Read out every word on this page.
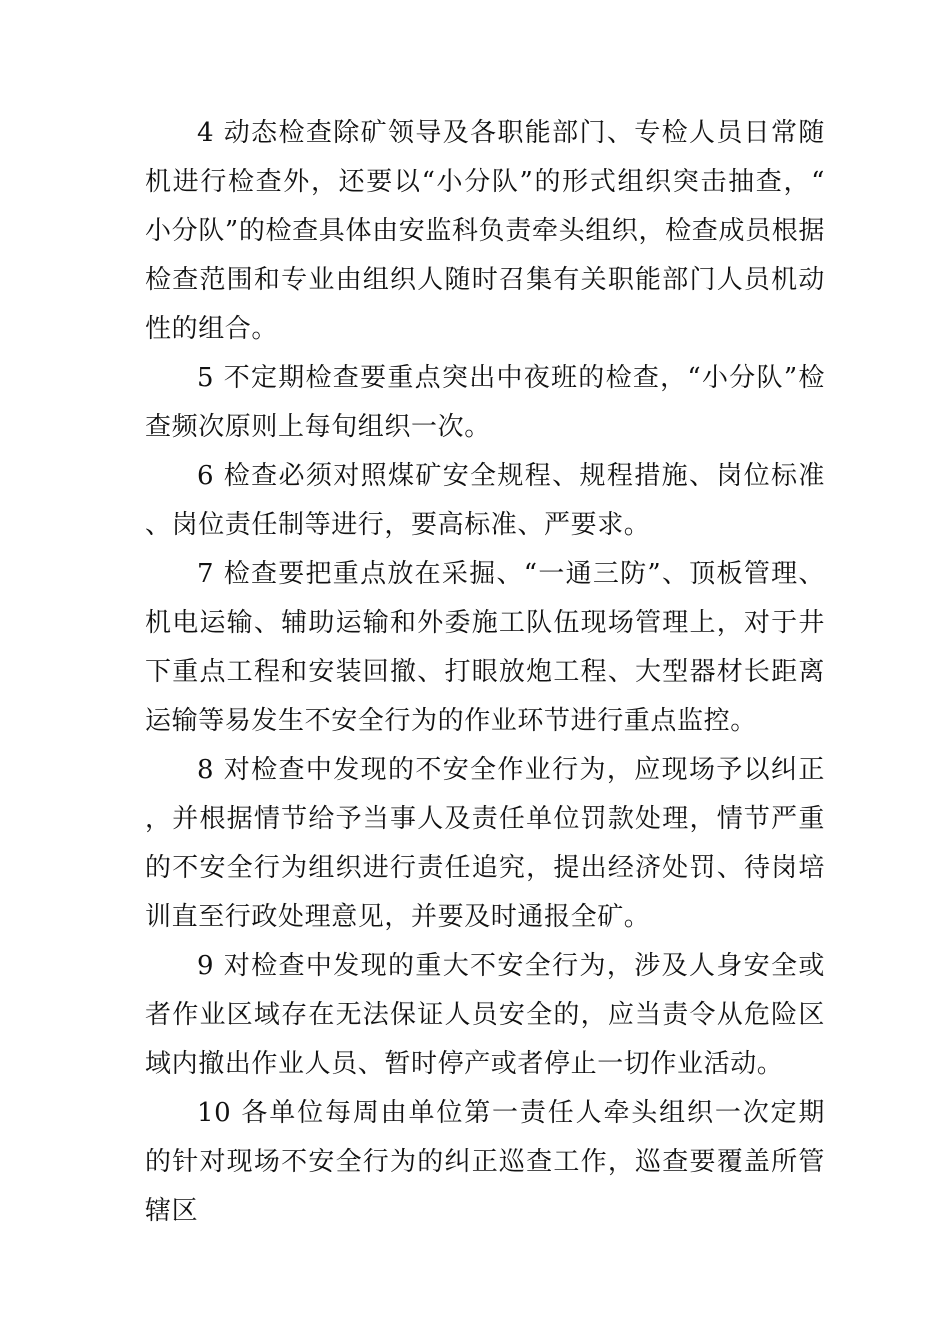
4 动态检查除矿领导及各职能部门、专检人员日常随机进行检查外，还要以“小分队”的形式组织突击抽查，“小分队”的检查具体由安监科负责牵头组织，检查成员根据检查范围和专业由组织人随时召集有关职能部门人员机动性的组合。

5 不定期检查要重点突出中夜班的检查，“小分队”检查频次原则上每旬组织一次。

6 检查必须对照煤矿安全规程、规程措施、岗位标准、岗位责任制等进行，要高标准、严要求。

7 检查要把重点放在采掘、“一通三防”、顶板管理、机电运输、辅助运输和外委施工队伍现场管理上，对于井下重点工程和安装回撤、打眼放炮工程、大型器材长距离运输等易发生不安全行为的作业环节进行重点监控。

8 对检查中发现的不安全作业行为，应现场予以纠正，并根据情节给予当事人及责任单位罚款处理，情节严重的不安全行为组织进行责任追究，提出经济处罚、待岗培训直至行政处理意见，并要及时通报全矿。

9 对检查中发现的重大不安全行为，涉及人身安全或者作业区域存在无法保证人员安全的，应当责令从危险区域内撤出作业人员、暂时停产或者停止一切作业活动。

10 各单位每周由单位第一责任人牵头组织一次定期的针对现场不安全行为的纠正巡查工作，巡查要覆盖所管辖区
